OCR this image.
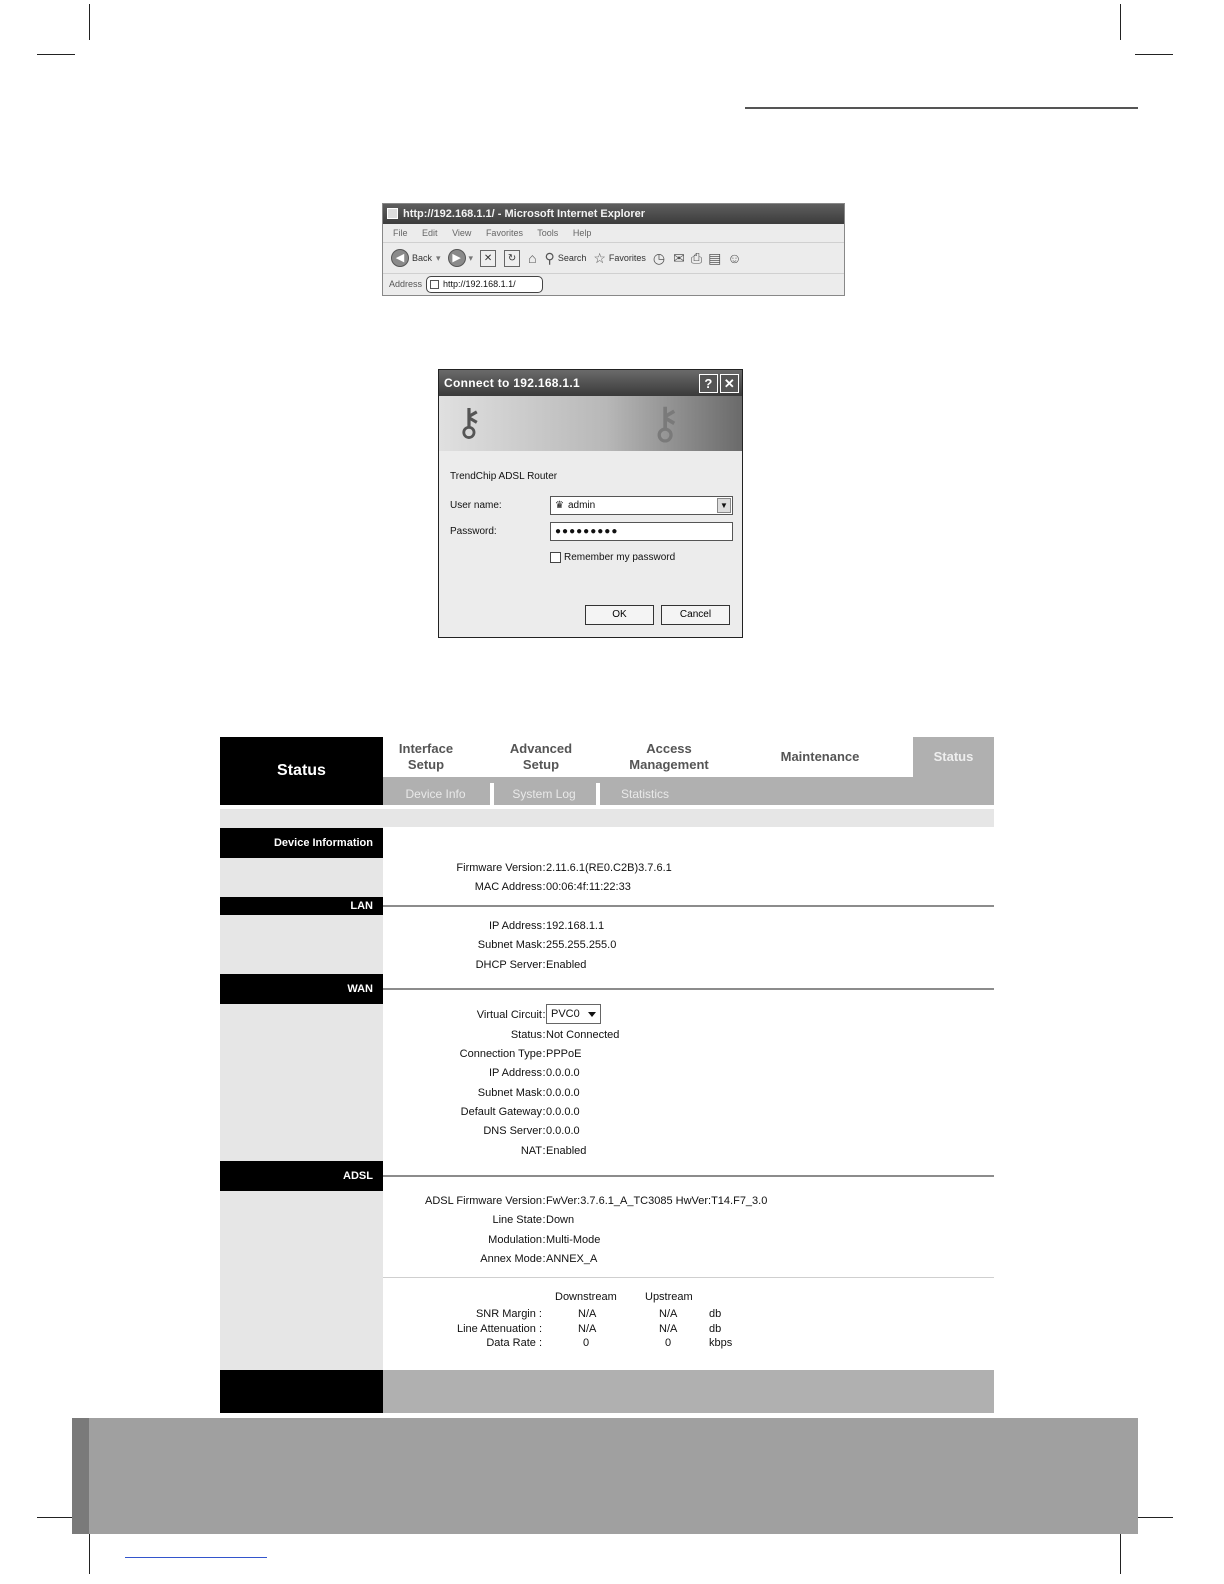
http://192.168.1.1/ - Microsoft Internet Explorer
File Edit View Favorites Tools Help
◀ Back ▾	▶ ▾	✕	↻ ⌂ ⚲ Search ☆ Favorites ◷ ✉ ⎙ ▤ ☺
Address http://192.168.1.1/
Connect to 192.168.1.1	? ✕
⚷	⚷
TrendChip ADSL Router
User name:	♛ admin	▼
Password:	●●●●●●●●●
Remember my password
OK	Cancel
Status
Interface
Setup
Advanced
Setup
Access
Management
Maintenance	Status
Device Info	System Log	Statistics
Device Information
Firmware Version : 2.11.6.1(RE0.C2B)3.7.6.1
MAC Address : 00:06:4f:11:22:33
LAN
IP Address : 192.168.1.1
Subnet Mask : 255.255.255.0
DHCP Server : Enabled
WAN
Virtual Circuit : PVC0
Status : Not Connected
Connection Type : PPPoE
IP Address : 0.0.0.0
Subnet Mask : 0.0.0.0
Default Gateway : 0.0.0.0
DNS Server : 0.0.0.0
NAT : Enabled
ADSL
ADSL Firmware Version : FwVer:3.7.6.1_A_TC3085 HwVer:T14.F7_3.0
Line State : Down
Modulation : Multi-Mode
Annex Mode : ANNEX_A
Downstream	Upstream
SNR Margin :	N/A	N/A	db
Line Attenuation :	N/A	N/A	db
Data Rate :	0	0	kbps
